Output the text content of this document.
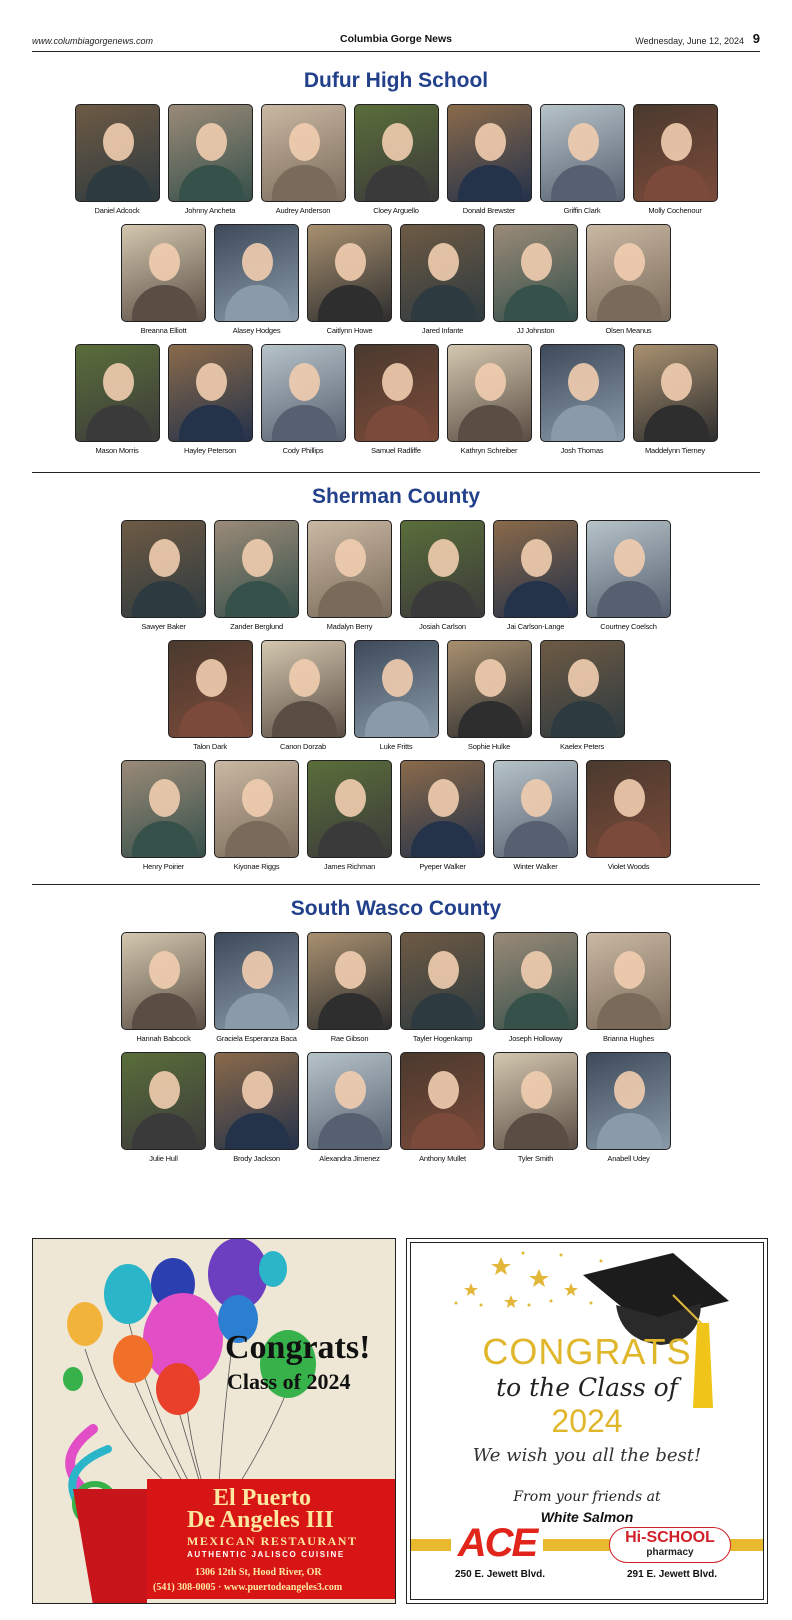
www.columbiagorgenews.com	Columbia Gorge News	Wednesday, June 12, 2024 9
Dufur High School
Daniel Adcock	Johnny Ancheta	Audrey Anderson	Cloey Arguello	Donald Brewster	Griffin Clark	Molly Cochenour
Breanna Elliott	Alasey Hodges	Caitlynn Howe	Jared Infante	JJ Johnston	Olsen Meanus
Mason Morris	Hayley Peterson	Cody Phillips	Samuel Radliffe	Kathryn Schreiber	Josh Thomas	Maddelynn Tierney
Sherman County
Sawyer Baker	Zander Berglund	Madalyn Berry	Josiah Carlson	Jai Carlson-Lange	Courtney Coelsch
Talon Dark	Canon Dorzab	Luke Fritts	Sophie Hulke	Kaelex Peters
Henry Poirier	Kiyonae Riggs	James Richman	Pyeper Walker	Winter Walker	Violet Woods
South Wasco County
Hannah Babcock	Graciela Esperanza Baca	Rae Gibson	Tayler Hogenkamp	Joseph Holloway	Brianna Hughes
Julie Hull	Brody Jackson	Alexandra Jimenez	Anthony Mullet	Tyler Smith	Anabell Udey
Congrats!
Class of 2024
El Puerto
De Angeles III
MEXICAN RESTAURANT
AUTHENTIC JALISCO CUISINE
1306 12th St, Hood River, OR
(541) 308-0005 · www.puertodeangeles3.com
CONGRATS
to the Class of
2024
We wish you all the best!
From your friends at
White Salmon
ACE	Hi-SCHOOL
pharmacy
250 E. Jewett Blvd.	291 E. Jewett Blvd.
